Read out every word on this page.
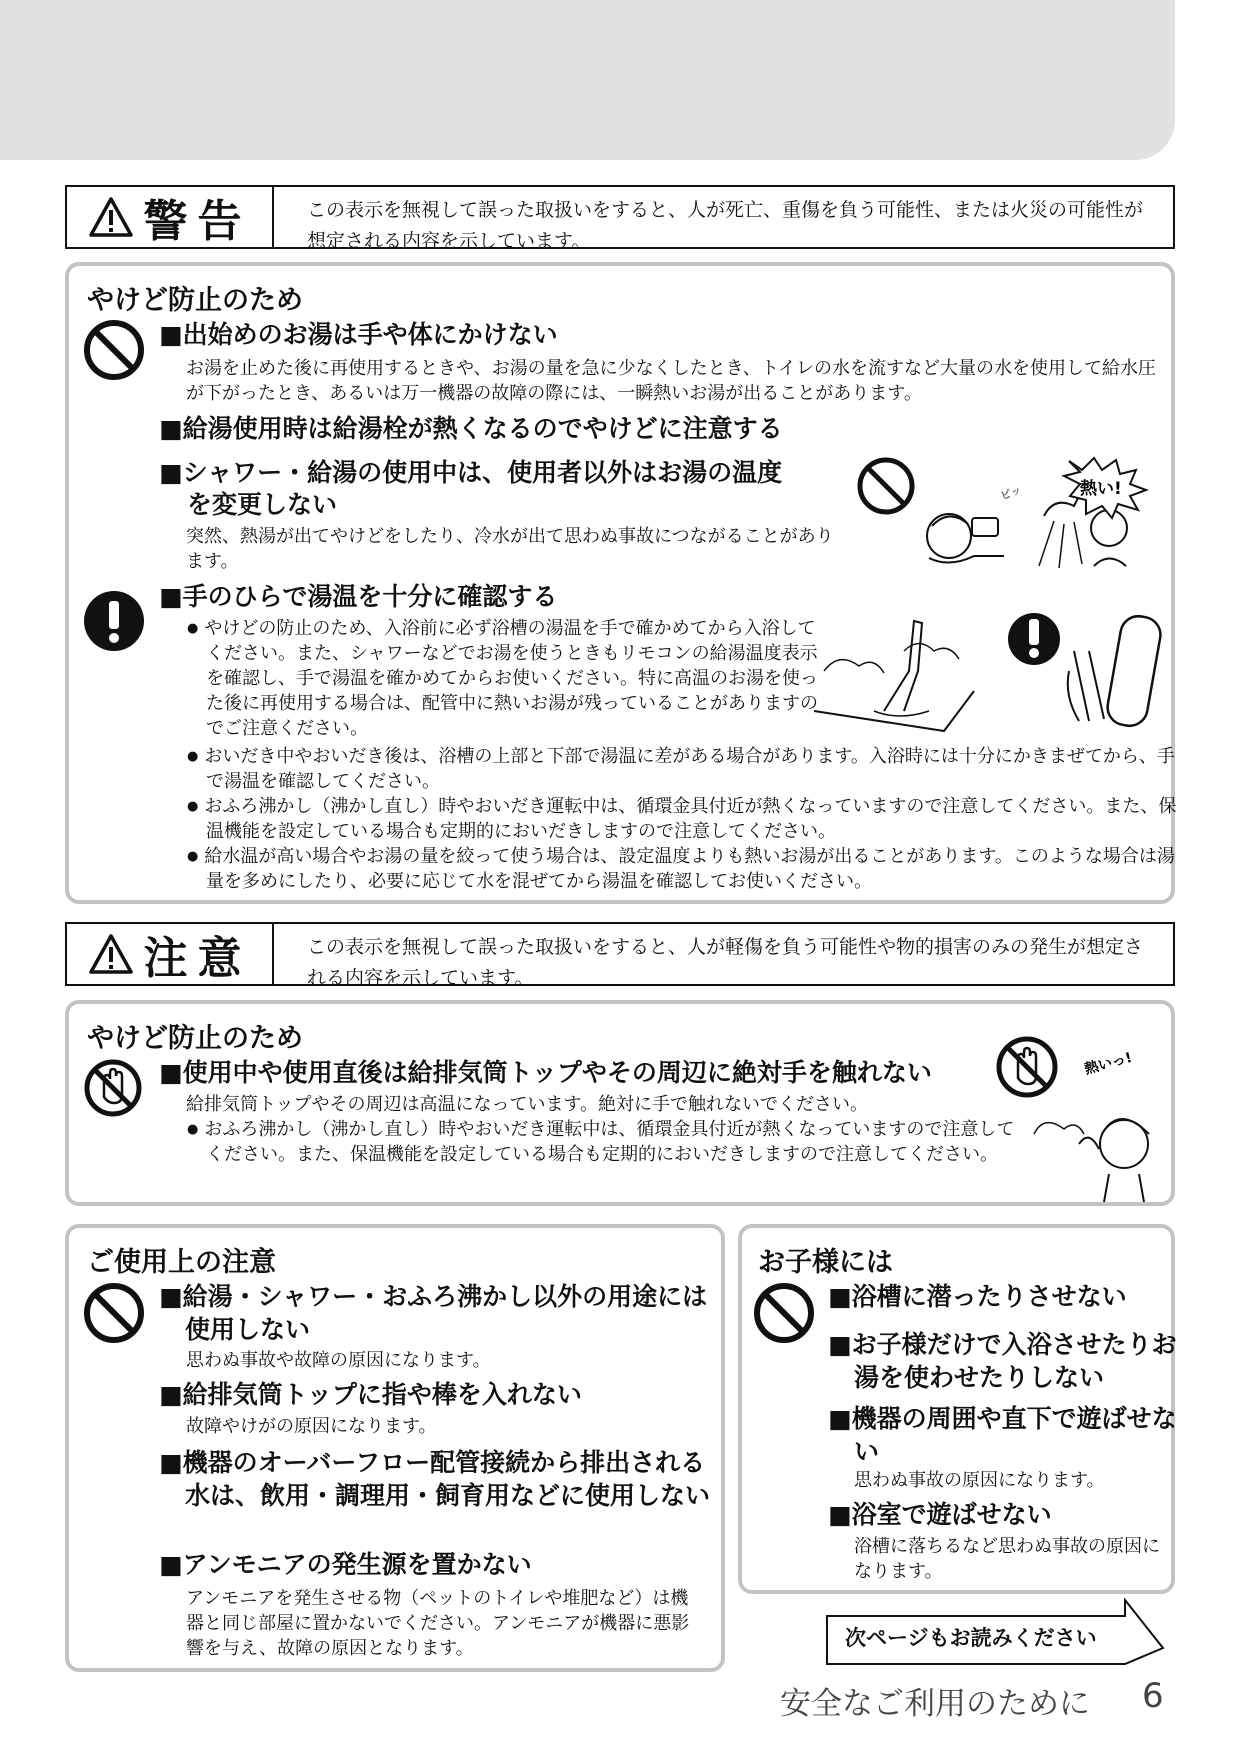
警告	この表示を無視して誤った取扱いをすると、人が死亡、重傷を負う可能性、または火災の可能性が想定される内容を示しています。
やけど防止のため
■出始めのお湯は手や体にかけない
お湯を止めた後に再使用するときや、お湯の量を急に少なくしたとき、トイレの水を流すなど大量の水を使用して給水圧が下がったとき、あるいは万一機器の故障の際には、一瞬熱いお湯が出ることがあります。
■給湯使用時は給湯栓が熱くなるのでやけどに注意する
■シャワー・給湯の使用中は、使用者以外はお湯の温度
を変更しない
突然、熱湯が出てやけどをしたり、冷水が出て思わぬ事故につながることがあります。
熱い!
ピッ
■手のひらで湯温を十分に確認する
● やけどの防止のため、入浴前に必ず浴槽の湯温を手で確かめてから入浴してください。また、シャワーなどでお湯を使うときもリモコンの給湯温度表示を確認し、手で湯温を確かめてからお使いください。特に高温のお湯を使った後に再使用する場合は、配管中に熱いお湯が残っていることがありますのでご注意ください。
● おいだき中やおいだき後は、浴槽の上部と下部で湯温に差がある場合があります。入浴時には十分にかきまぜてから、手で湯温を確認してください。
● おふろ沸かし（沸かし直し）時やおいだき運転中は、循環金具付近が熱くなっていますので注意してください。また、保温機能を設定している場合も定期的においだきしますので注意してください。
● 給水温が高い場合やお湯の量を絞って使う場合は、設定温度よりも熱いお湯が出ることがあります。このような場合は湯量を多めにしたり、必要に応じて水を混ぜてから湯温を確認してお使いください。
注意	この表示を無視して誤った取扱いをすると、人が軽傷を負う可能性や物的損害のみの発生が想定される内容を示しています。
やけど防止のため
■使用中や使用直後は給排気筒トップやその周辺に絶対手を触れない
給排気筒トップやその周辺は高温になっています。絶対に手で触れないでください。
● おふろ沸かし（沸かし直し）時やおいだき運転中は、循環金具付近が熱くなっていますので注意してください。また、保温機能を設定している場合も定期的においだきしますので注意してください。
熱いっ!
ご使用上の注意
■給湯・シャワー・おふろ沸かし以外の用途には使用しない
思わぬ事故や故障の原因になります。
■給排気筒トップに指や棒を入れない
故障やけがの原因になります。
■機器のオーバーフロー配管接続から排出される水は、飲用・調理用・飼育用などに使用しない
■アンモニアの発生源を置かない
アンモニアを発生させる物（ペットのトイレや堆肥など）は機器と同じ部屋に置かないでください。アンモニアが機器に悪影響を与え、故障の原因となります。
お子様には
■浴槽に潜ったりさせない
■お子様だけで入浴させたりお湯を使わせたりしない
■機器の周囲や直下で遊ばせない
思わぬ事故の原因になります。
■浴室で遊ばせない
浴槽に落ちるなど思わぬ事故の原因になります。
次ページもお読みください
安全なご利用のために 6
